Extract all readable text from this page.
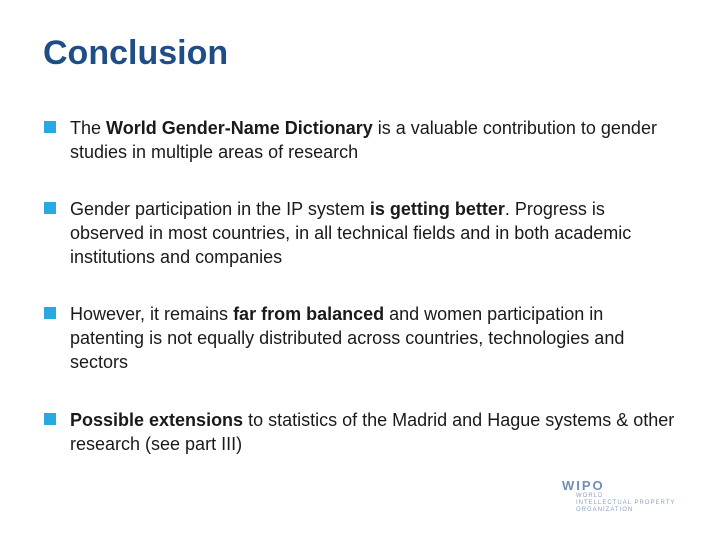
Conclusion
The World Gender-Name Dictionary is a valuable contribution to gender studies in multiple areas of research
Gender participation in the IP system is getting better. Progress is observed in most countries, in all technical fields and in both academic institutions and companies
However, it remains far from balanced and women participation in patenting is not equally distributed across countries, technologies and sectors
Possible extensions to statistics of the Madrid and Hague systems & other research (see part III)
WIPO
WORLD
INTELLECTUAL PROPERTY
ORGANIZATION
